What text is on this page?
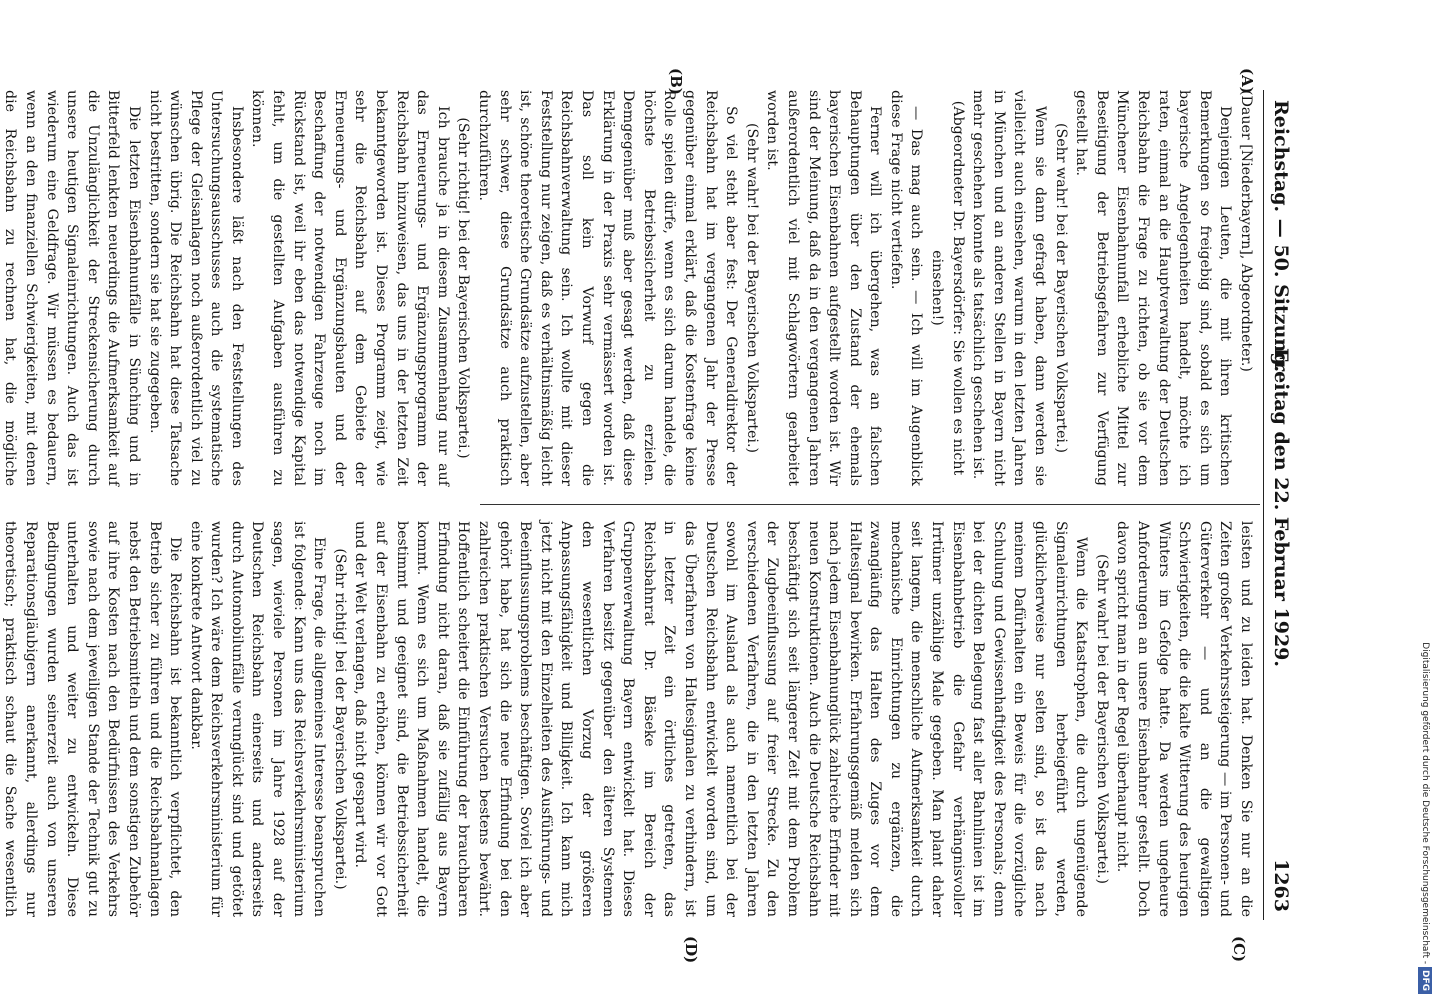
Reichstag. — 50. Sitzung.
Freitag den 22. Februar 1929.
1263

(Dauer [Niederbayern], Abgeordneter.)

Denjenigen Leuten, die mit ihren kritischen Bemerkungen so freigebig sind, sobald es sich um bayerische Angelegenheiten handelt, möchte ich raten, einmal an die Hauptverwaltung der Deutschen Reichsbahn die Frage zu richten, ob sie vor dem Münchener Eisenbahnunfall erhebliche Mittel zur Beseitigung der Betriebsgefahren zur Verfügung gestellt hat.

(Sehr wahr! bei der Bayerischen Volkspartei.)

Wenn sie dann gefragt haben, dann werden sie vielleicht auch einsehen, warum in den letzten Jahren in München und an anderen Stellen in Bayern nicht mehr geschehen konnte als tatsächlich geschehen ist.

(Abgeordneter Dr. Bayersdörfer: Sie wollen es nicht einsehen!)

— Das mag auch sein. — Ich will im Augenblick diese Frage nicht vertiefen.

Ferner will ich übergehen, was an falschen Behauptungen über den Zustand der ehemals bayerischen Eisenbahnen aufgestellt worden ist. Wir sind der Meinung, daß da in den vergangenen Jahren außerordentlich viel mit Schlagwörtern gearbeitet worden ist.

(Sehr wahr! bei der Bayerischen Volkspartei.)

So viel steht aber fest: Der Generaldirektor der Reichsbahn hat im vergangenen Jahr der Presse gegenüber einmal erklärt, daß die Kostenfrage keine Rolle spielen dürfe, wenn es sich darum handele, die höchste Betriebssicherheit zu erzielen. Demgegenüber muß aber gesagt werden, daß diese Erklärung in der Praxis sehr vermässert worden ist. Das soll kein Vorwurf gegen die Reichsbahnverwaltung sein. Ich wollte mit dieser Feststellung nur zeigen, daß es verhältnismäßig leicht ist, schöne theoretische Grundsätze aufzustellen, aber sehr schwer, diese Grundsätze auch praktisch durchzuführen.

(Sehr richtig! bei der Bayerischen Volkspartei.)

Ich brauche ja in diesem Zusammenhang nur auf das Erneuerungs- und Ergänzungsprogramm der Reichsbahn hinzuweisen, das uns in der letzten Zeit bekanntgeworden ist. Dieses Programm zeigt, wie sehr die Reichsbahn auf dem Gebiete der Erneuerungs- und Ergänzungsbauten und der Beschaffung der notwendigen Fahrzeuge noch im Rückstand ist, weil ihr eben das notwendige Kapital fehlt, um die gestellten Aufgaben ausführen zu können.

Insbesondere läßt nach den Feststellungen des Untersuchungsausschusses auch die systematische Pflege der Gleisanlagen noch außerordentlich viel zu wünschen übrig. Die Reichsbahn hat diese Tatsache nicht bestritten, sondern sie hat sie zugegeben.

Die letzten Eisenbahnunfälle in Sünching und in Bitterfeld lenkten neuerdings die Aufmerksamkeit auf die Unzulänglichkeit der Streckensicherung durch unsere heutigen Signaleinrichtungen. Auch das ist wiederum eine Geldfrage. Wir müssen es bedauern, wenn an den finanziellen Schwierigkeiten, mit denen die Reichsbahn zu rechnen hat, die mögliche

leisten und zu leiden hat. Denken Sie nur an die Zeiten großer Verkehrssteigerung — im Personen- und Güterverkehr — und an die gewaltigen Schwierigkeiten, die die kalte Witterung des heurigen Winters im Gefolge hatte. Da werden ungeheure Anforderungen an unsere Eisenbahner gestellt. Doch davon spricht man in der Regel überhaupt nicht.

(Sehr wahr! bei der Bayerischen Volkspartei.)

Wenn die Katastrophen, die durch ungenügende Signaleinrichtungen herbeigeführt werden, glücklicherweise nur selten sind, so ist das nach meinem Dafürhalten ein Beweis für die vorzügliche Schulung und Gewissenhaftigkeit des Personals; denn bei der dichten Belegung fast aller Bahnlinien ist im Eisenbahnbetrieb die Gefahr verhängnisvoller Irrtümer unzählige Male gegeben. Man plant daher seit langem, die menschliche Aufmerksamkeit durch mechanische Einrichtungen zu ergänzen, die zwangläufig das Halten des Zuges vor dem Haltesignal bewirken. Erfahrungsgemäß melden sich nach jedem Eisenbahnunglück zahlreiche Erfinder mit neuen Konstruktionen. Auch die Deutsche Reichsbahn beschäftigt sich seit längerer Zeit mit dem Problem der Zugbeeinflussung auf freier Strecke. Zu den verschiedenen Verfahren, die in den letzten Jahren sowohl im Ausland als auch namentlich bei der Deutschen Reichsbahn entwickelt worden sind, um das Überfahren von Haltesignalen zu verhindern, ist in letzter Zeit ein örtliches getreten, das Reichsbahnrat Dr. Bäseke im Bereich der Gruppenverwaltung Bayern entwickelt hat. Dieses Verfahren besitzt gegenüber den älteren Systemen den wesentlichen Vorzug der größeren Anpassungsfähigkeit und Billigkeit. Ich kann mich jetzt nicht mit den Einzelheiten des Ausführungs- und Beeinflussungsproblems beschäftigen. Soviel ich aber gehört habe, hat sich die neue Erfindung bei den zahlreichen praktischen Versuchen bestens bewährt. Hoffentlich scheitert die Einführung der brauchbaren Erfindung nicht daran, daß sie zufällig aus Bayern kommt. Wenn es sich um Maßnahmen handelt, die bestimmt und geeignet sind, die Betriebssicherheit auf der Eisenbahn zu erhöhen, können wir vor Gott und der Welt verlangen, daß nicht gespart wird.

(Sehr richtig! bei der Bayerischen Volkspartei.)

Eine Frage, die allgemeines Interesse beanspruchen ist folgende: Kann uns das Reichsverkehrsministerium sagen, wieviele Personen im Jahre 1928 auf der Deutschen Reichsbahn einerseits und anderseits durch Automobilunfälle verunglückt sind und getötet wurden? Ich wäre dem Reichsverkehrsministerium für eine konkrete Antwort dankbar.

Die Reichsbahn ist bekanntlich verpflichtet, den Betrieb sicher zu führen und die Reichsbahnanlagen nebst den Betriebsmitteln und dem sonstigen Zubehör auf ihre Kosten nach den Bedürfnissen des Verkehrs sowie nach dem jeweiligen Stande der Technik gut zu unterhalten und weiter zu entwickeln. Diese Bedingungen wurden seinerzeit auch von unseren Reparationsgläubigern anerkannt, allerdings nur theoretisch; praktisch schaut die Sache wesentlich

(A)
(B)
(C)
(D)	Digitalisierung gefördert durch die Deutsche Forschungsgemeinschaft - DFG
